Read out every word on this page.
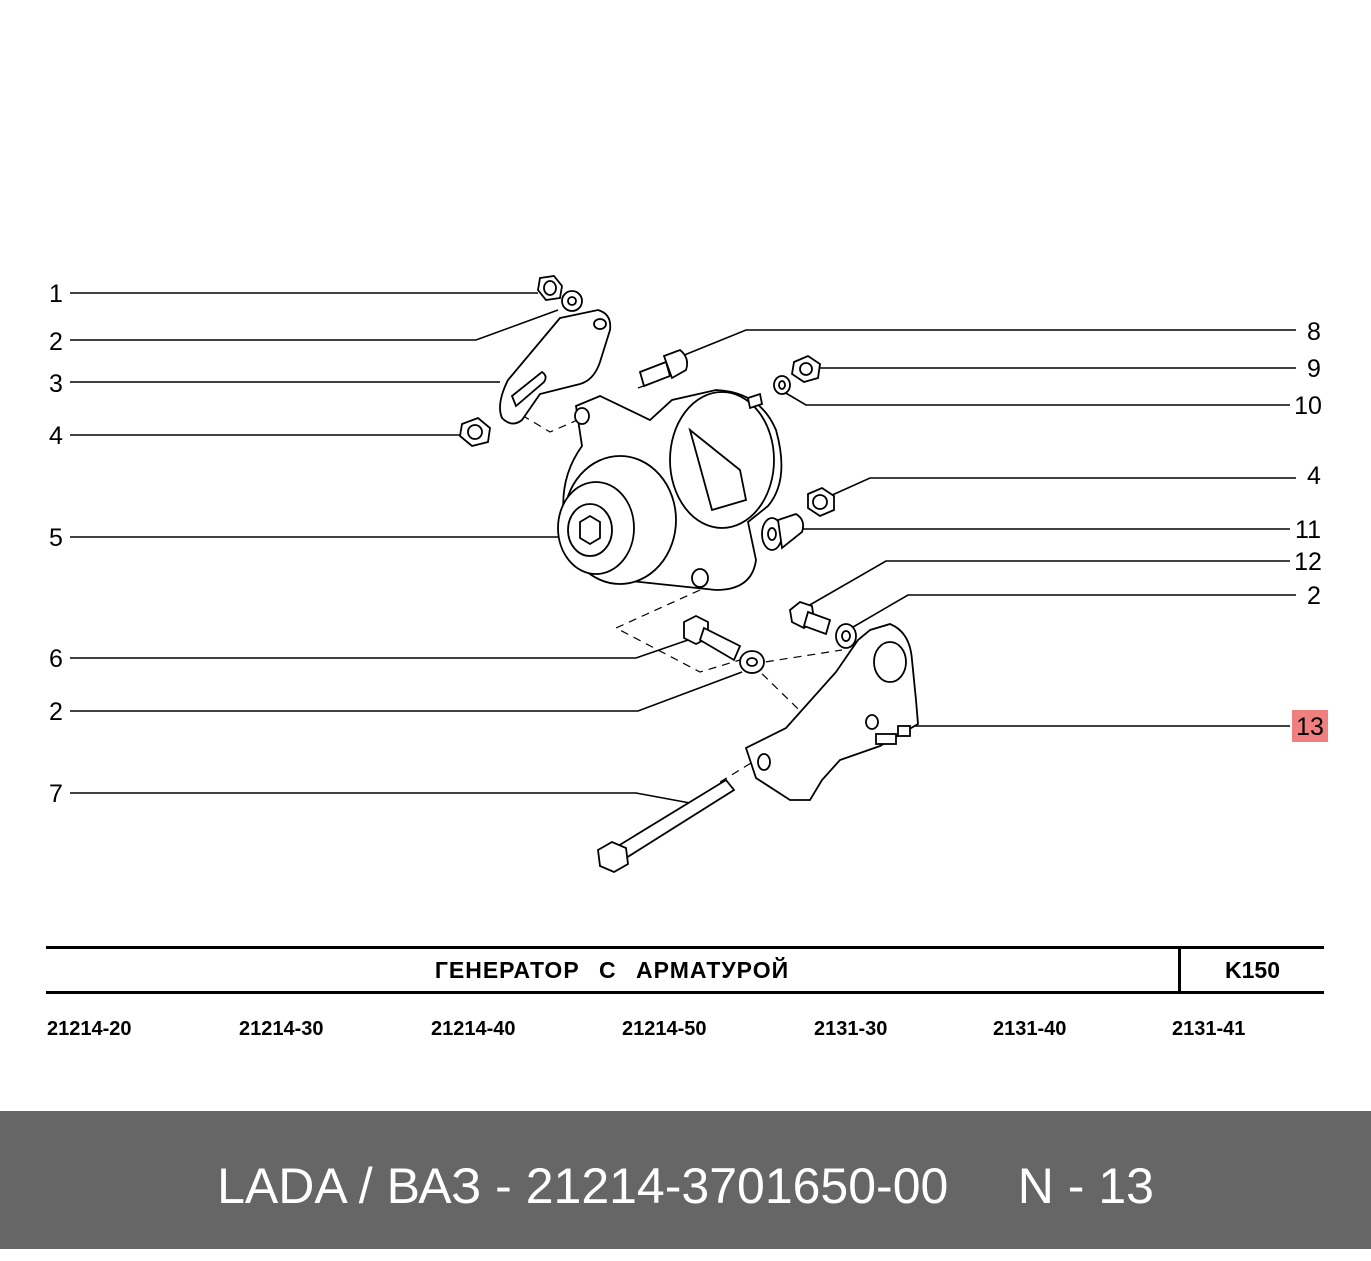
1
2
3
4
5
6
2
7
8
9
10
4
11
12
2
13
ГЕНЕРАТОР С АРМАТУРОЙ	K150
21214-20	21214-30	21214-40	21214-50	2131-30	2131-40	2131-41
LADA / ВАЗ - 21214-3701650-00     N - 13
